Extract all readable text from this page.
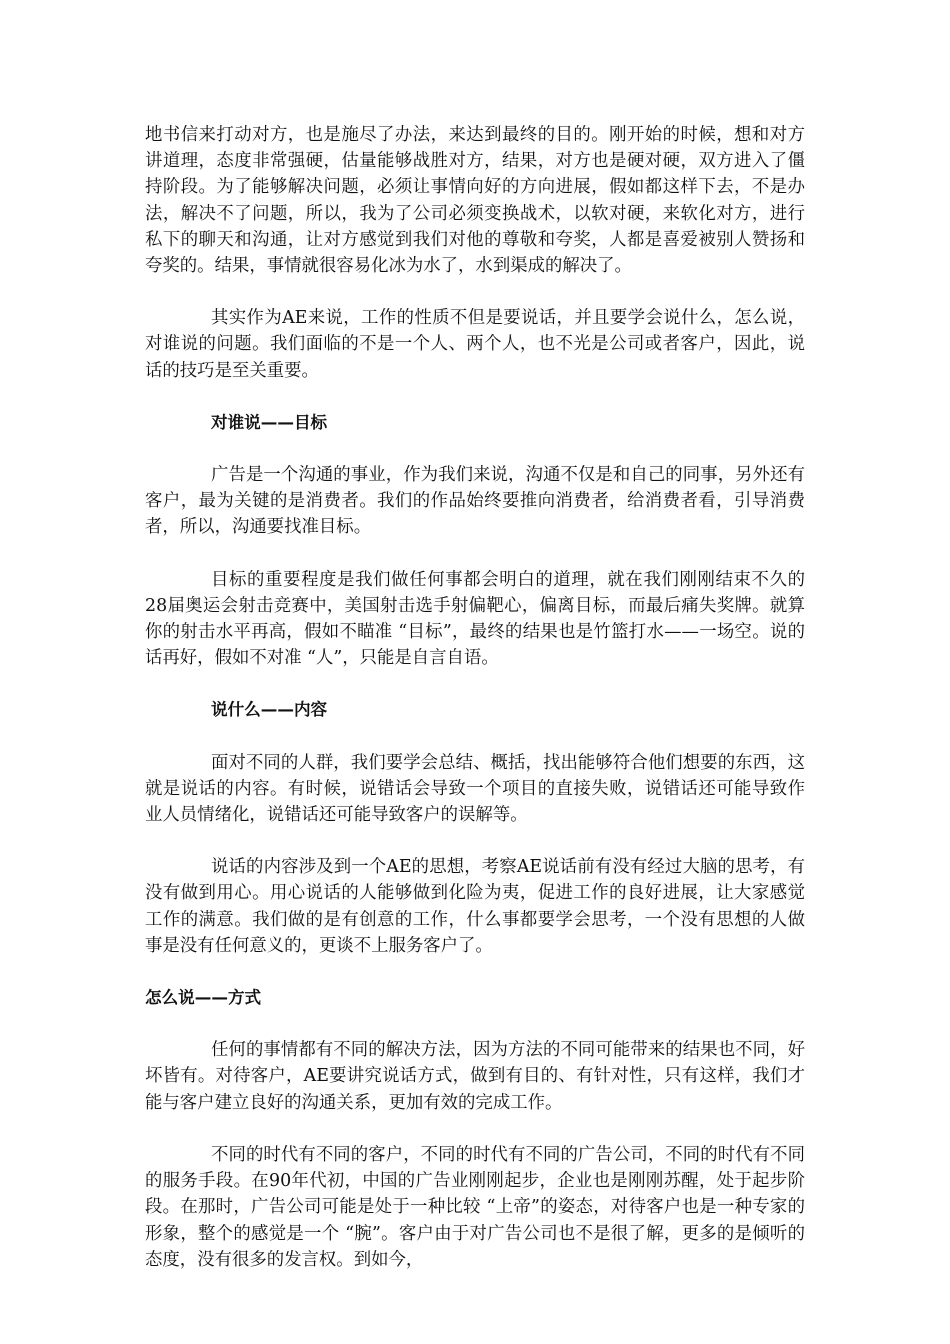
地书信来打动对方，也是施尽了办法，来达到最终的目的。刚开始的时候，想和对方讲道理，态度非常强硬，估量能够战胜对方，结果，对方也是硬对硬，双方进入了僵持阶段。为了能够解决问题，必须让事情向好的方向进展，假如都这样下去，不是办法，解决不了问题，所以，我为了公司必须变换战术，以软对硬，来软化对方，进行私下的聊天和沟通，让对方感觉到我们对他的尊敬和夸奖，人都是喜爱被别人赞扬和夸奖的。结果，事情就很容易化冰为水了，水到渠成的解决了。

其实作为AE来说，工作的性质不但是要说话，并且要学会说什么，怎么说，对谁说的问题。我们面临的不是一个人、两个人，也不光是公司或者客户，因此，说话的技巧是至关重要。

对谁说——目标

广告是一个沟通的事业，作为我们来说，沟通不仅是和自己的同事，另外还有客户，最为关键的是消费者。我们的作品始终要推向消费者，给消费者看，引导消费者，所以，沟通要找准目标。

目标的重要程度是我们做任何事都会明白的道理，就在我们刚刚结束不久的28届奥运会射击竞赛中，美国射击选手射偏靶心，偏离目标，而最后痛失奖牌。就算你的射击水平再高，假如不瞄准 “目标”，最终的结果也是竹篮打水——一场空。说的话再好，假如不对准 “人”，只能是自言自语。

说什么——内容

面对不同的人群，我们要学会总结、概括，找出能够符合他们想要的东西，这就是说话的内容。有时候，说错话会导致一个项目的直接失败，说错话还可能导致作业人员情绪化，说错话还可能导致客户的误解等。

说话的内容涉及到一个AE的思想，考察AE说话前有没有经过大脑的思考，有没有做到用心。用心说话的人能够做到化险为夷，促进工作的良好进展，让大家感觉工作的满意。我们做的是有创意的工作，什么事都要学会思考，一个没有思想的人做事是没有任何意义的，更谈不上服务客户了。

怎么说——方式

任何的事情都有不同的解决方法，因为方法的不同可能带来的结果也不同，好坏皆有。对待客户，AE要讲究说话方式，做到有目的、有针对性，只有这样，我们才能与客户建立良好的沟通关系，更加有效的完成工作。

不同的时代有不同的客户，不同的时代有不同的广告公司，不同的时代有不同的服务手段。在90年代初，中国的广告业刚刚起步，企业也是刚刚苏醒，处于起步阶段。在那时，广告公司可能是处于一种比较 “上帝”的姿态，对待客户也是一种专家的形象，整个的感觉是一个 “腕”。客户由于对广告公司也不是很了解，更多的是倾听的态度，没有很多的发言权。到如今，
